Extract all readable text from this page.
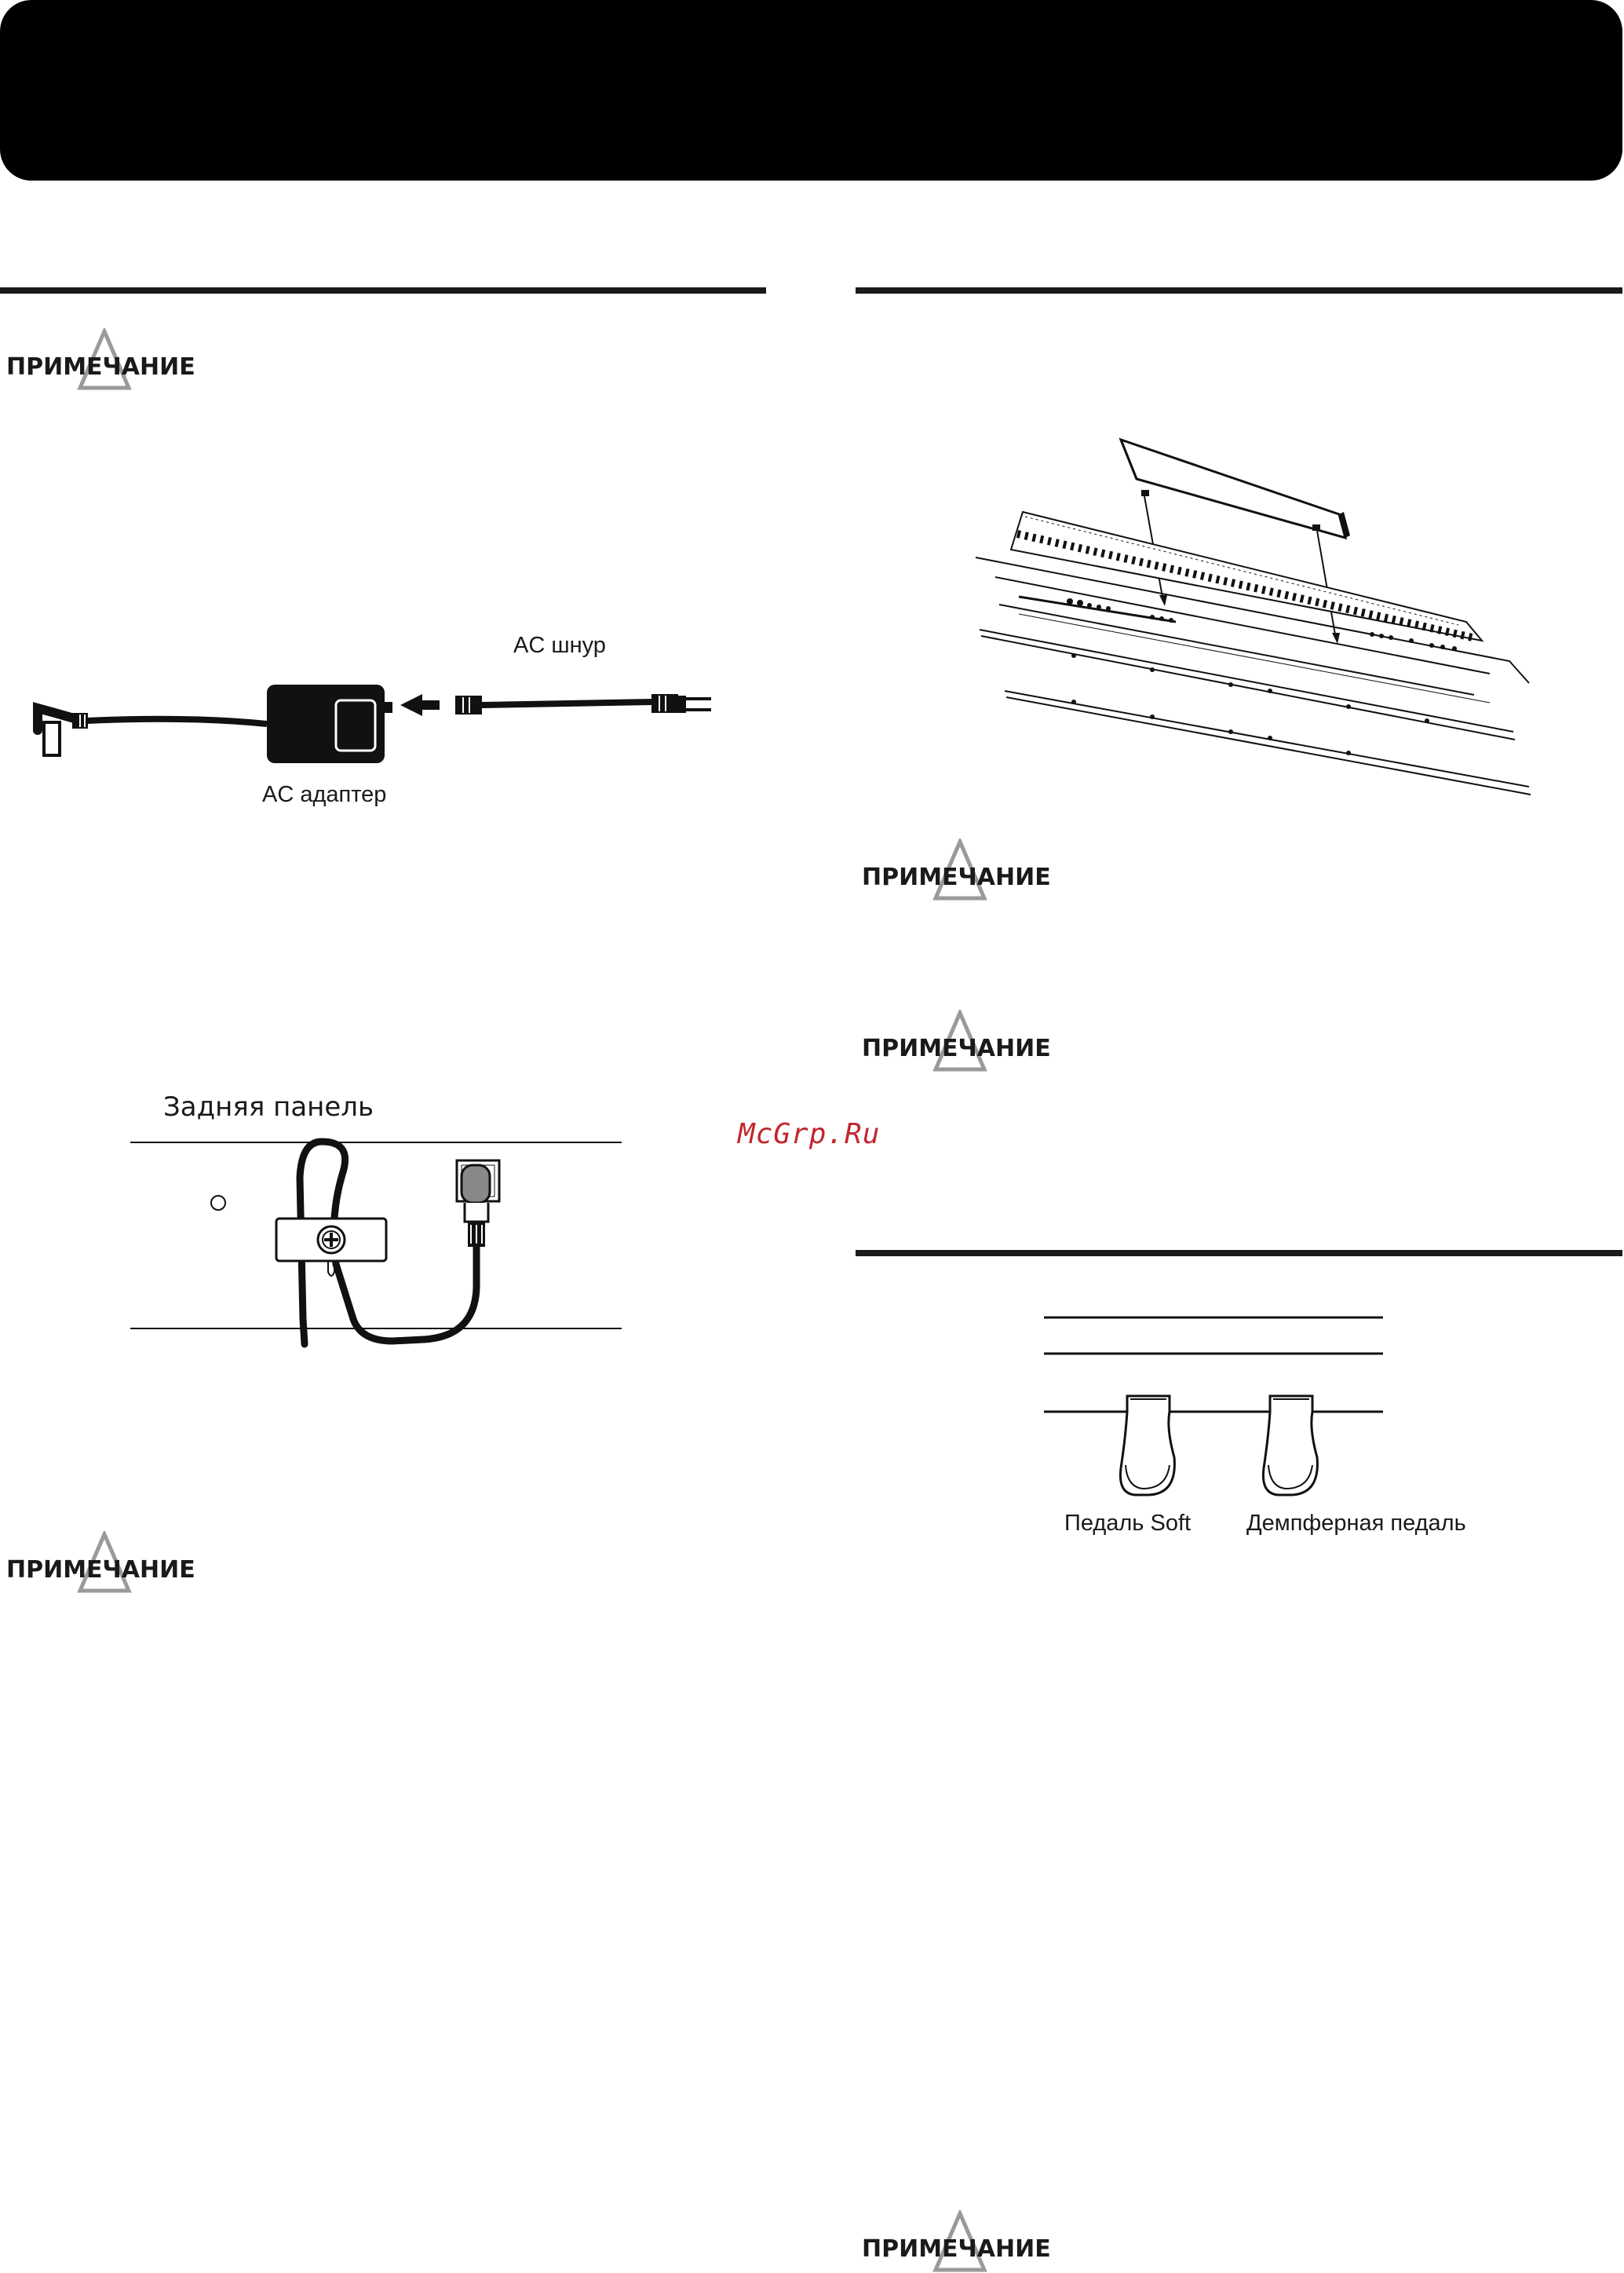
ПРИМЕЧАНИЕ
ПРИМЕЧАНИЕ
ПРИМЕЧАНИЕ
ПРИМЕЧАНИЕ
ПРИМЕЧАНИЕ
AC шнур
AC адаптер
Задняя панель
Педаль Soft Демпферная педаль
McGrp.Ru
